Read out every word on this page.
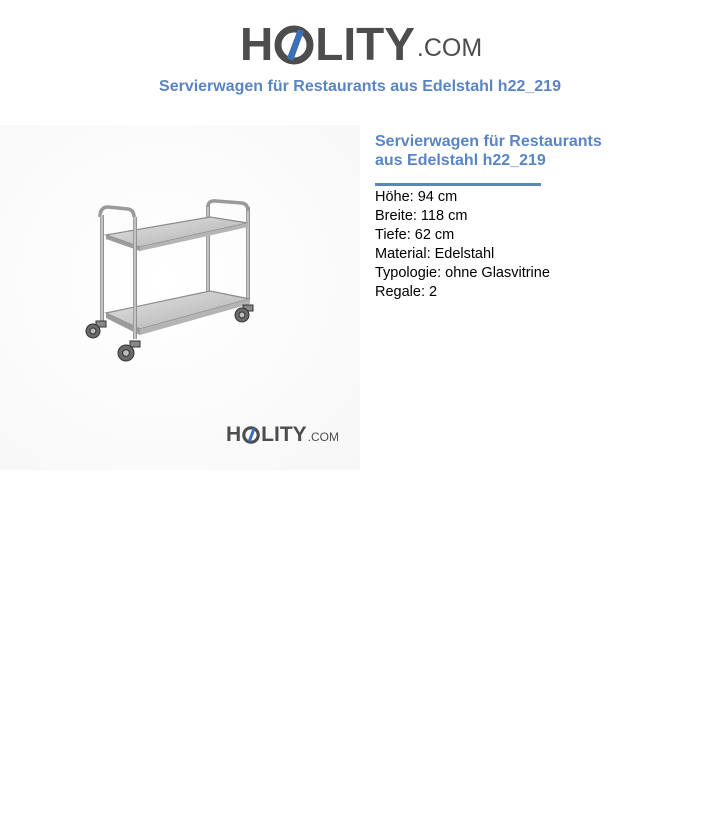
H LITY .COM
Servierwagen für Restaurants aus Edelstahl h22_219
H LITY .COM
Servierwagen für Restaurants aus Edelstahl h22_219
Höhe: 94 cm
Breite: 118 cm
Tiefe: 62 cm
Material: Edelstahl
Typologie: ohne Glasvitrine
Regale: 2
